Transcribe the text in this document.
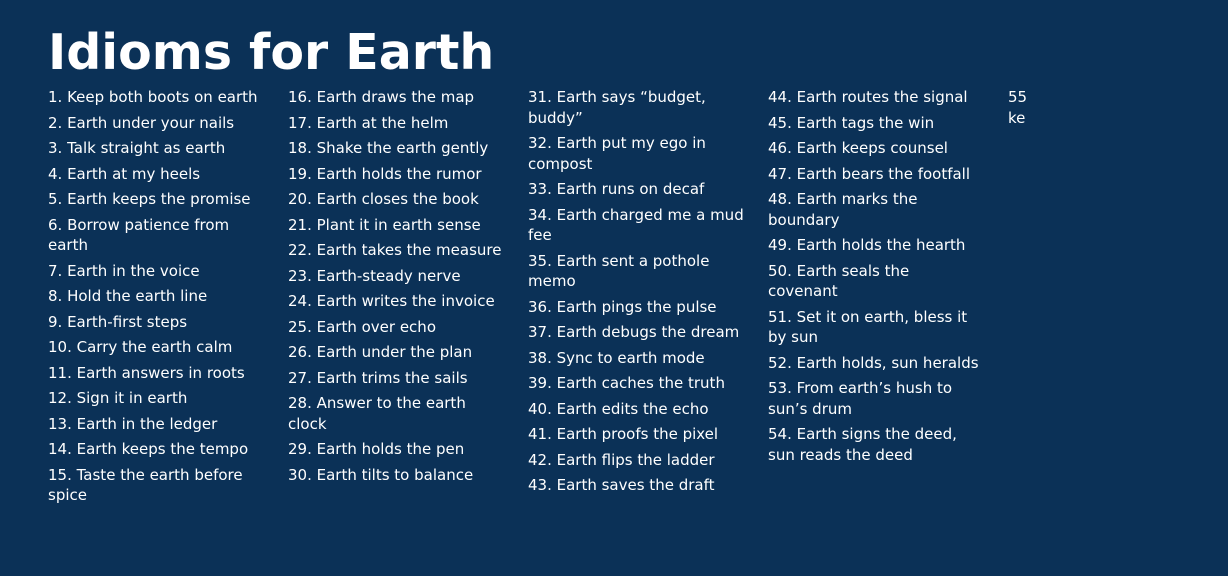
Idioms for Earth
1. Keep both boots on earth
2. Earth under your nails
3. Talk straight as earth
4. Earth at my heels
5. Earth keeps the promise
6. Borrow patience from earth
7. Earth in the voice
8. Hold the earth line
9. Earth-first steps
10. Carry the earth calm
11. Earth answers in roots
12. Sign it in earth
13. Earth in the ledger
14. Earth keeps the tempo
15. Taste the earth before spice
16. Earth draws the map
17. Earth at the helm
18. Shake the earth gently
19. Earth holds the rumor
20. Earth closes the book
21. Plant it in earth sense
22. Earth takes the measure
23. Earth-steady nerve
24. Earth writes the invoice
25. Earth over echo
26. Earth under the plan
27. Earth trims the sails
28. Answer to the earth clock
29. Earth holds the pen
30. Earth tilts to balance
31. Earth says “budget, buddy”
32. Earth put my ego in compost
33. Earth runs on decaf
34. Earth charged me a mud fee
35. Earth sent a pothole memo
36. Earth pings the pulse
37. Earth debugs the dream
38. Sync to earth mode
39. Earth caches the truth
40. Earth edits the echo
41. Earth proofs the pixel
42. Earth flips the ladder
43. Earth saves the draft
44. Earth routes the signal
45. Earth tags the win
46. Earth keeps counsel
47. Earth bears the footfall
48. Earth marks the boundary
49. Earth holds the hearth
50. Earth seals the covenant
51. Set it on earth, bless it by sun
52. Earth holds, sun heralds
53. From earth’s hush to sun’s drum
54. Earth signs the deed, sun reads the deed
55
ke
